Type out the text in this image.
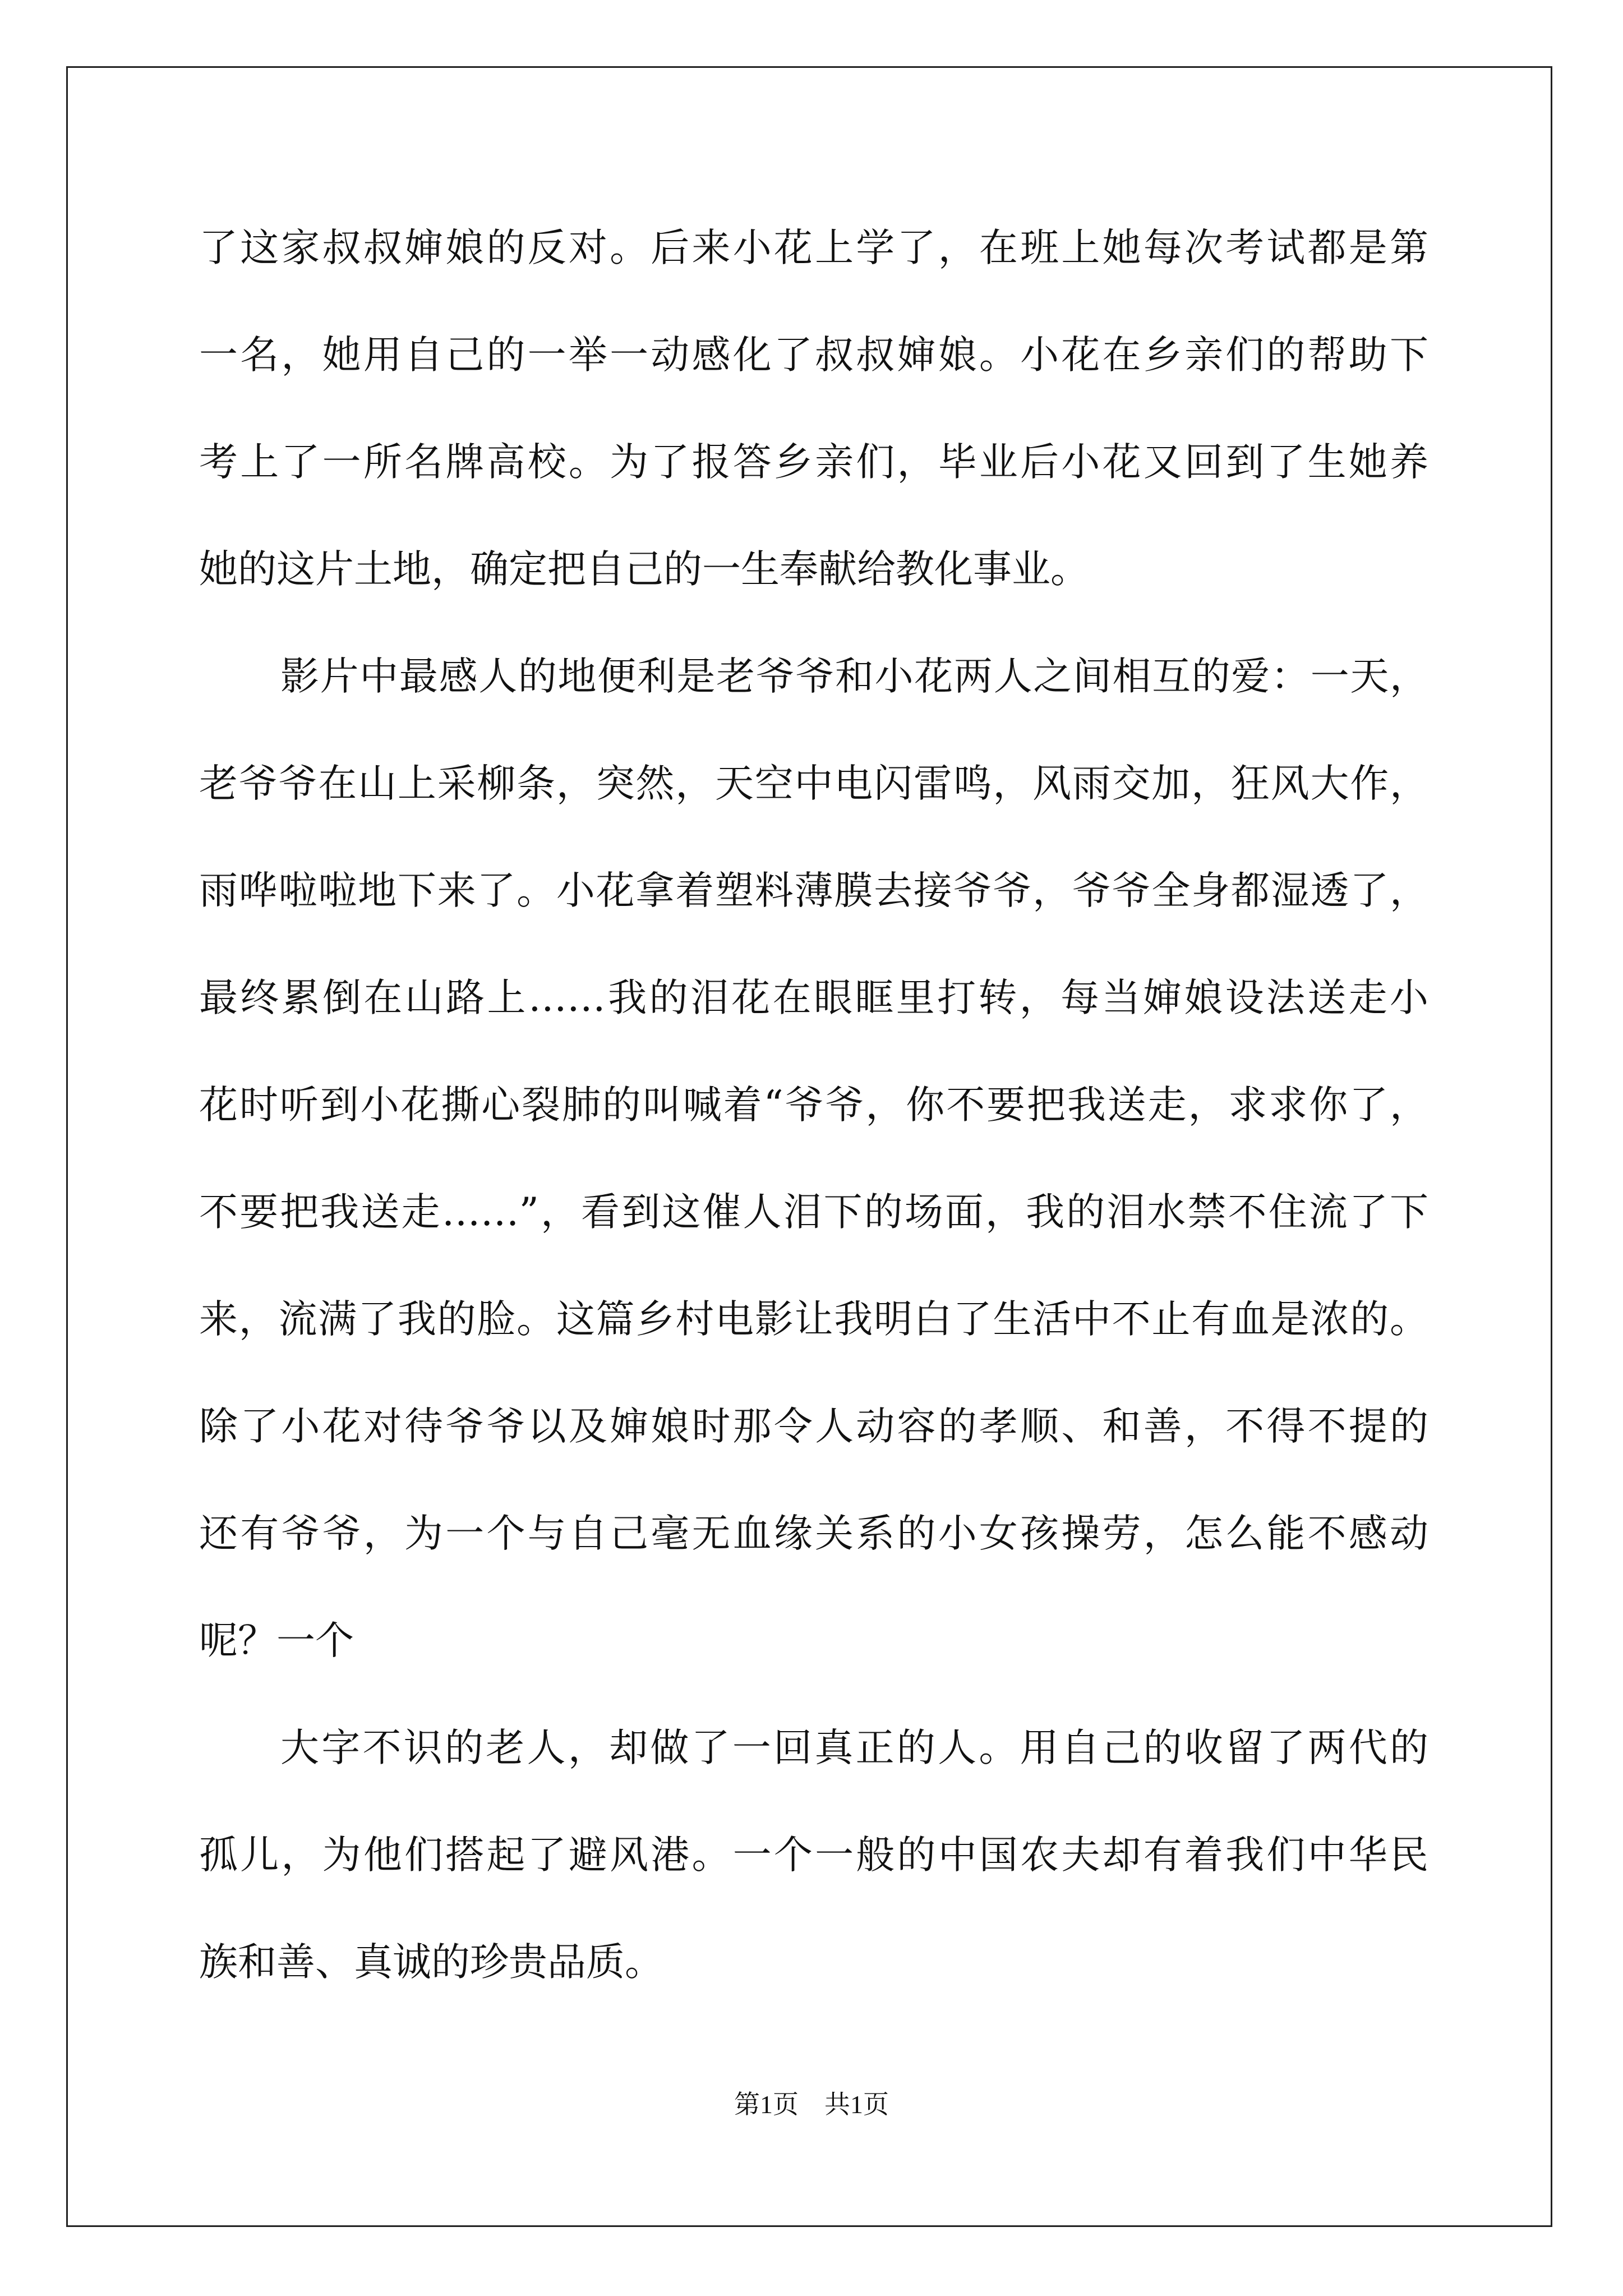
了这家叔叔婶娘的反对。后来小花上学了，在班上她每次考试都是第

一名，她用自己的一举一动感化了叔叔婶娘。小花在乡亲们的帮助下

考上了一所名牌高校。为了报答乡亲们，毕业后小花又回到了生她养

她的这片土地，确定把自己的一生奉献给教化事业。

影片中最感人的地便利是老爷爷和小花两人之间相互的爱：一天，

老爷爷在山上采柳条，突然，天空中电闪雷鸣，风雨交加，狂风大作，

雨哗啦啦地下来了。小花拿着塑料薄膜去接爷爷，爷爷全身都湿透了，

最终累倒在山路上……我的泪花在眼眶里打转，每当婶娘设法送走小

花时听到小花撕心裂肺的叫喊着“爷爷，你不要把我送走，求求你了，

不要把我送走……”，看到这催人泪下的场面，我的泪水禁不住流了下

来，流满了我的脸。这篇乡村电影让我明白了生活中不止有血是浓的。

除了小花对待爷爷以及婶娘时那令人动容的孝顺、和善，不得不提的

还有爷爷，为一个与自己毫无血缘关系的小女孩操劳，怎么能不感动

呢？一个

大字不识的老人，却做了一回真正的人。用自己的收留了两代的

孤儿，为他们搭起了避风港。一个一般的中国农夫却有着我们中华民

族和善、真诚的珍贵品质。

第1页　共1页
